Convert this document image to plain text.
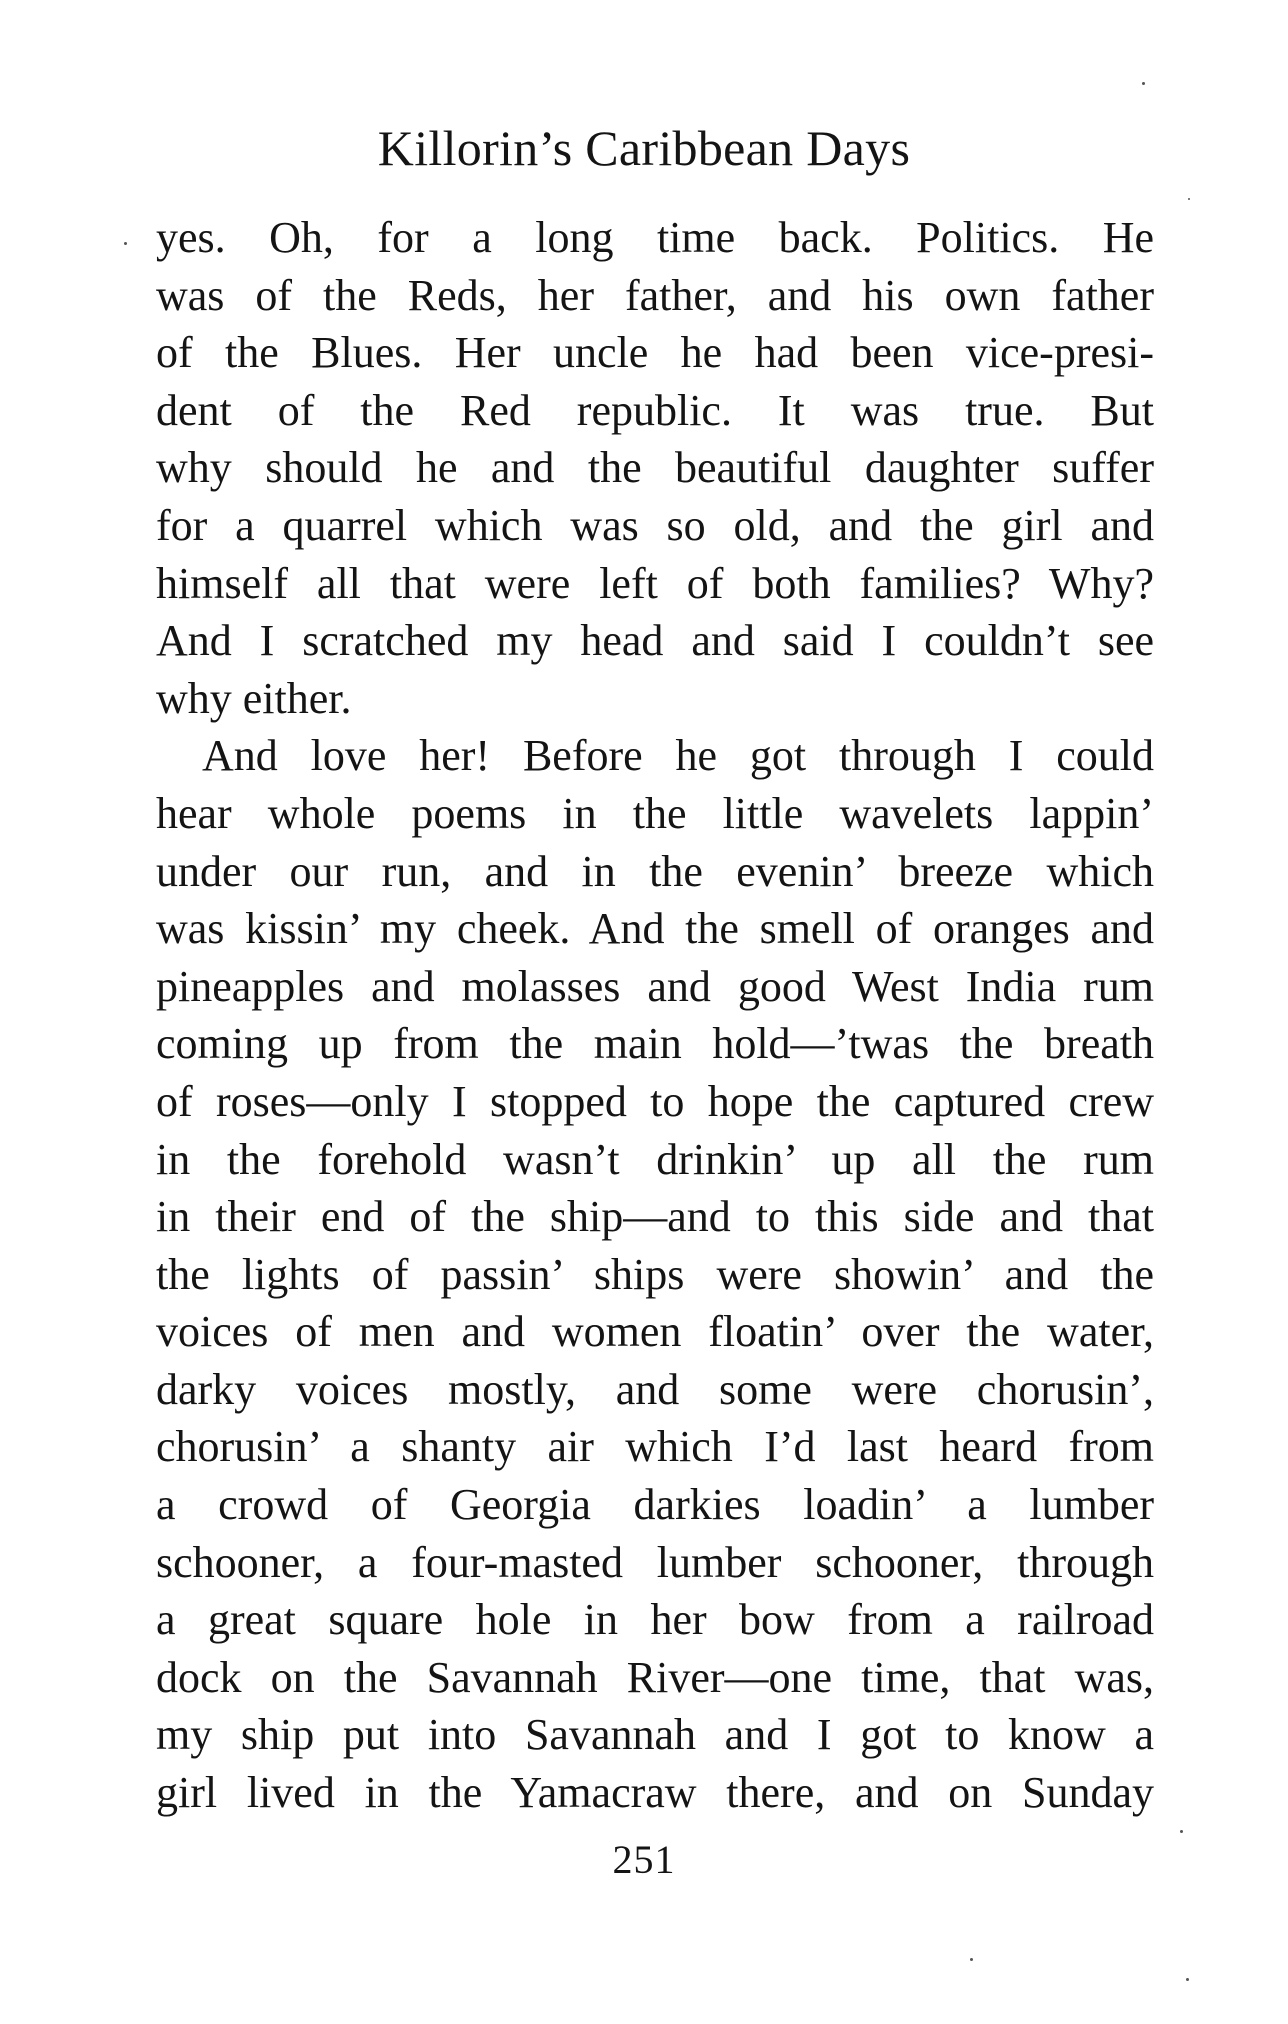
Killorin’s Caribbean Days
yes. Oh, for a long time back. Politics. He
was of the Reds, her father, and his own father
of the Blues. Her uncle he had been vice-presi-
dent of the Red republic. It was true. But
why should he and the beautiful daughter suffer
for a quarrel which was so old, and the girl and
himself all that were left of both families? Why?
And I scratched my head and said I couldn’t see
why either.
And love her! Before he got through I could
hear whole poems in the little wavelets lappin’
under our run, and in the evenin’ breeze which
was kissin’ my cheek. And the smell of oranges and
pineapples and molasses and good West India rum
coming up from the main hold—’twas the breath
of roses—only I stopped to hope the captured crew
in the forehold wasn’t drinkin’ up all the rum
in their end of the ship—and to this side and that
the lights of passin’ ships were showin’ and the
voices of men and women floatin’ over the water,
darky voices mostly, and some were chorusin’,
chorusin’ a shanty air which I’d last heard from
a crowd of Georgia darkies loadin’ a lumber
schooner, a four-masted lumber schooner, through
a great square hole in her bow from a railroad
dock on the Savannah River—one time, that was,
my ship put into Savannah and I got to know a
girl lived in the Yamacraw there, and on Sunday
251
